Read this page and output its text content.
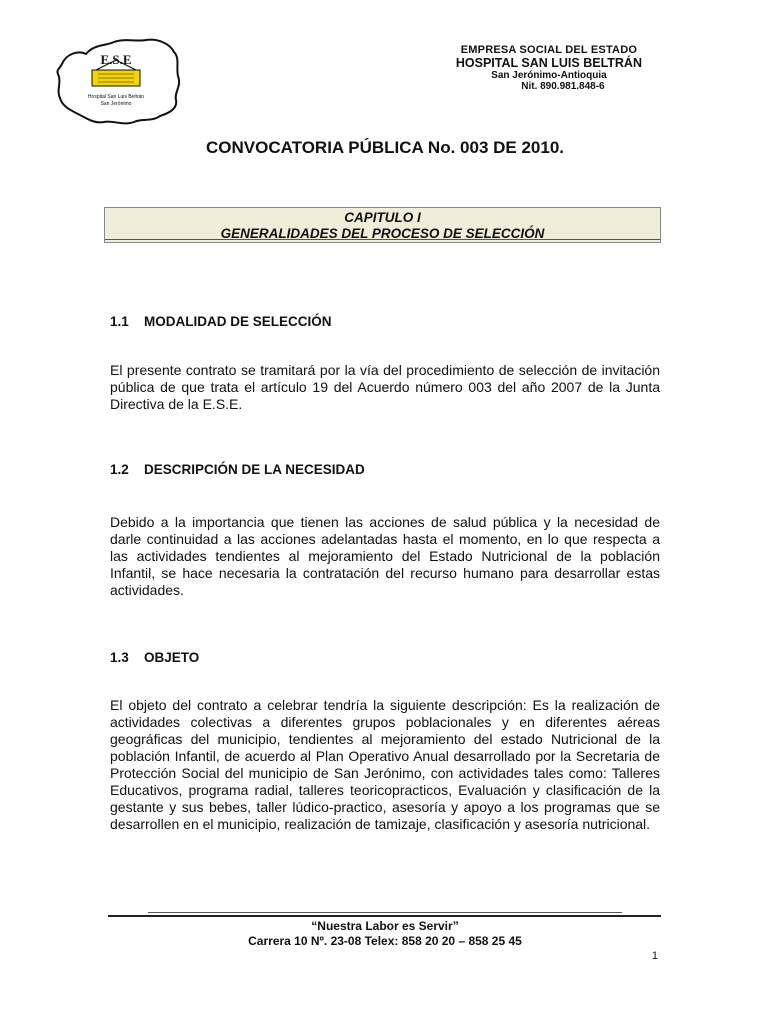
E.S.E
Hospital San Luis Beltrán
San Jerónimo
EMPRESA SOCIAL DEL ESTADO
HOSPITAL SAN LUIS BELTRÁN
San Jerónimo-Antioquia
Nit. 890.981.848-6
CONVOCATORIA PÚBLICA No. 003 DE 2010.
CAPITULO I
GENERALIDADES DEL PROCESO DE SELECCIÓN
1.1 MODALIDAD DE SELECCIÓN
El presente contrato se tramitará por la vía del procedimiento de selección de invitación pública de que trata el artículo 19 del Acuerdo número 003 del año 2007 de la Junta Directiva de la E.S.E.
1.2 DESCRIPCIÓN DE LA NECESIDAD
Debido a la importancia que tienen las acciones de salud pública y la necesidad de darle continuidad a las acciones adelantadas hasta el momento, en lo que respecta a las actividades tendientes al mejoramiento del Estado Nutricional de la población Infantil, se hace necesaria la contratación del recurso humano para desarrollar estas actividades.
1.3 OBJETO
El objeto del contrato a celebrar tendría la siguiente descripción: Es la realización de actividades colectivas a diferentes grupos poblacionales y en diferentes aéreas geográficas del municipio, tendientes al mejoramiento del estado Nutricional de la población Infantil, de acuerdo al Plan Operativo Anual desarrollado por la Secretaria de Protección Social del municipio de San Jerónimo, con actividades tales como: Talleres Educativos, programa radial, talleres teoricopracticos, Evaluación y clasificación de la gestante y sus bebes, taller lúdico-practico, asesoría y apoyo a los programas que se desarrollen en el municipio, realización de tamizaje, clasificación y asesoría nutricional.
“Nuestra Labor es Servir”
Carrera 10 Nº. 23-08 Telex: 858 20 20 – 858 25 45
1
